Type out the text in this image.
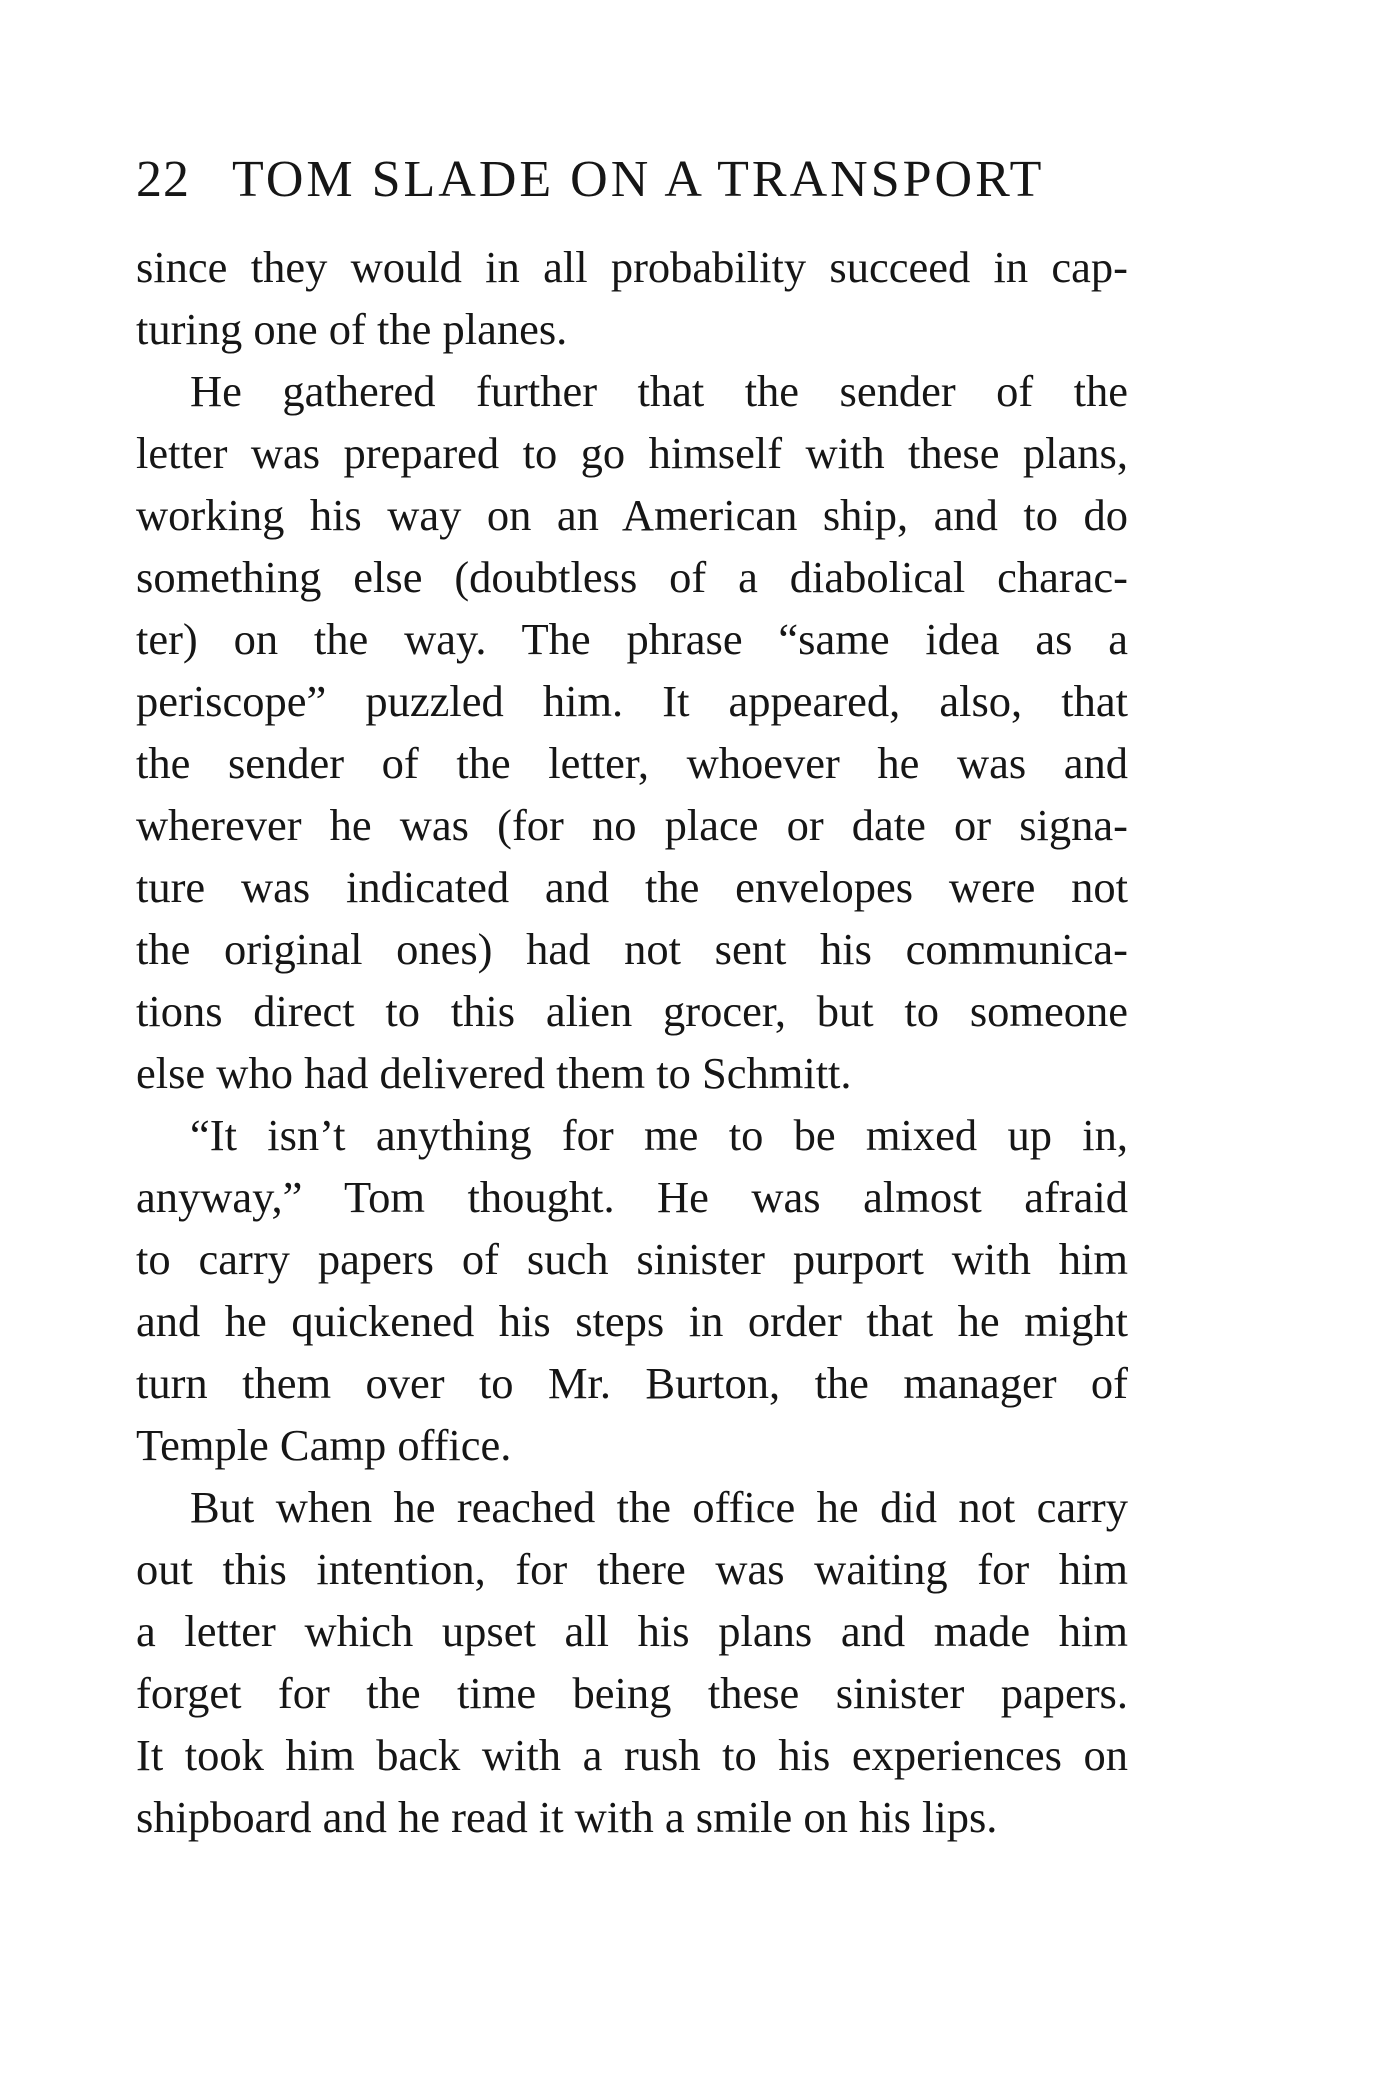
22 TOM SLADE ON A TRANSPORT
since they would in all probability succeed in cap-
turing one of the planes.
He gathered further that the sender of the
letter was prepared to go himself with these plans,
working his way on an American ship, and to do
something else (doubtless of a diabolical charac-
ter) on the way. The phrase “same idea as a
periscope” puzzled him. It appeared, also, that
the sender of the letter, whoever he was and
wherever he was (for no place or date or signa-
ture was indicated and the envelopes were not
the original ones) had not sent his communica-
tions direct to this alien grocer, but to someone
else who had delivered them to Schmitt.
“It isn’t anything for me to be mixed up in,
anyway,” Tom thought. He was almost afraid
to carry papers of such sinister purport with him
and he quickened his steps in order that he might
turn them over to Mr. Burton, the manager of
Temple Camp office.
But when he reached the office he did not carry
out this intention, for there was waiting for him
a letter which upset all his plans and made him
forget for the time being these sinister papers.
It took him back with a rush to his experiences on
shipboard and he read it with a smile on his lips.
